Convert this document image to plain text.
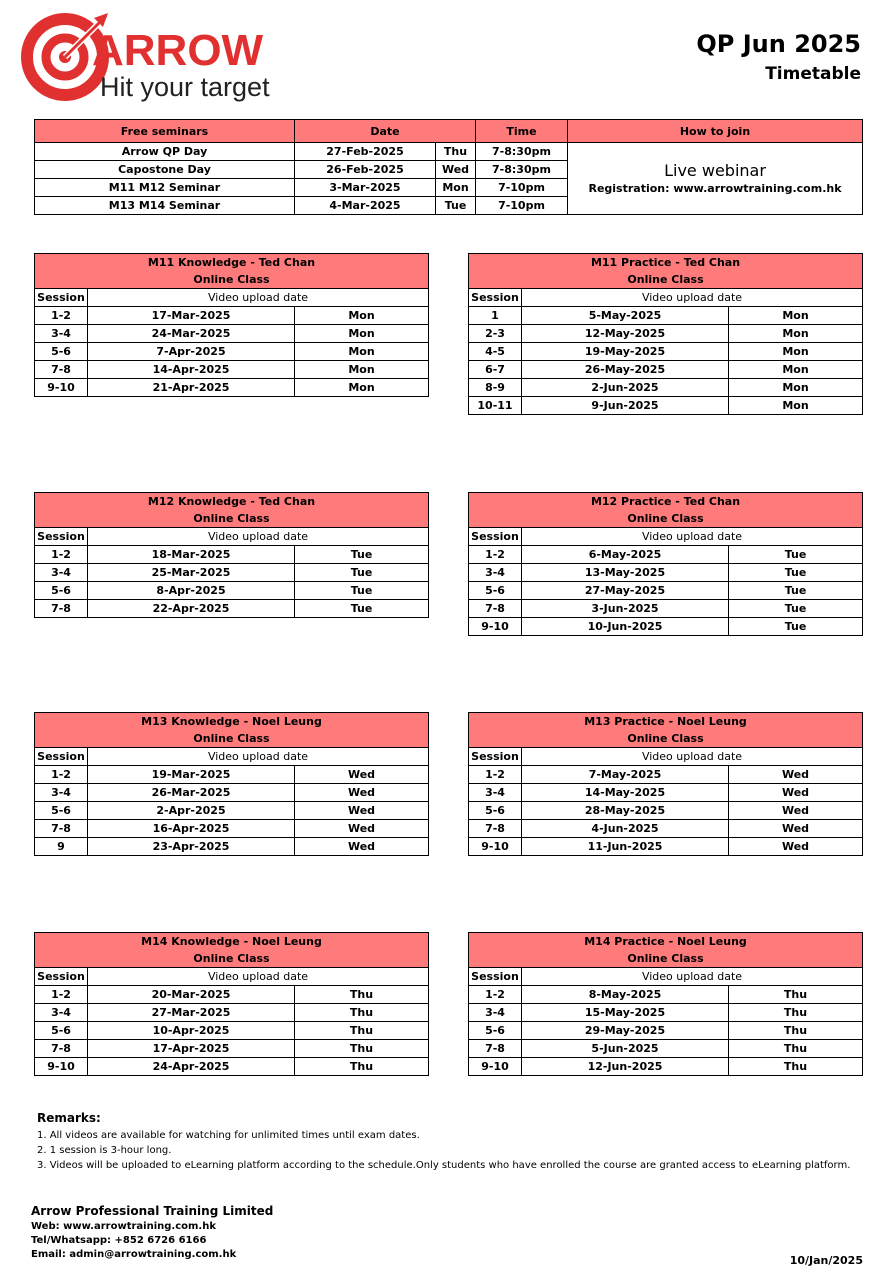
ARROW
Hit your target
QP Jun 2025
Timetable
Free seminars	Date		Time	How to join
Arrow QP Day	27-Feb-2025	Thu	7-8:30pm	Live webinar
Registration: www.arrowtraining.com.hk

Capostone Day	26-Feb-2025	Wed	7-8:30pm	
M11 M12 Seminar	3-Mar-2025	Mon	7-10pm	
M13 M14 Seminar	4-Mar-2025	Tue	7-10pm	
M11 Knowledge - Ted Chan
Online Class		
Session	Video upload date	
1-2	17-Mar-2025	Mon
3-4	24-Mar-2025	Mon
5-6	7-Apr-2025	Mon
7-8	14-Apr-2025	Mon
9-10	21-Apr-2025	Mon
M11 Practice - Ted Chan
Online Class		
Session	Video upload date	
1	5-May-2025	Mon
2-3	12-May-2025	Mon
4-5	19-May-2025	Mon
6-7	26-May-2025	Mon
8-9	2-Jun-2025	Mon
10-11	9-Jun-2025	Mon
M12 Knowledge - Ted Chan
Online Class		
Session	Video upload date	
1-2	18-Mar-2025	Tue
3-4	25-Mar-2025	Tue
5-6	8-Apr-2025	Tue
7-8	22-Apr-2025	Tue
M12 Practice - Ted Chan
Online Class		
Session	Video upload date	
1-2	6-May-2025	Tue
3-4	13-May-2025	Tue
5-6	27-May-2025	Tue
7-8	3-Jun-2025	Tue
9-10	10-Jun-2025	Tue
M13 Knowledge - Noel Leung
Online Class		
Session	Video upload date	
1-2	19-Mar-2025	Wed
3-4	26-Mar-2025	Wed
5-6	2-Apr-2025	Wed
7-8	16-Apr-2025	Wed
9	23-Apr-2025	Wed
M13 Practice - Noel Leung
Online Class		
Session	Video upload date	
1-2	7-May-2025	Wed
3-4	14-May-2025	Wed
5-6	28-May-2025	Wed
7-8	4-Jun-2025	Wed
9-10	11-Jun-2025	Wed
M14 Knowledge - Noel Leung
Online Class		
Session	Video upload date	
1-2	20-Mar-2025	Thu
3-4	27-Mar-2025	Thu
5-6	10-Apr-2025	Thu
7-8	17-Apr-2025	Thu
9-10	24-Apr-2025	Thu
M14 Practice - Noel Leung
Online Class		
Session	Video upload date	
1-2	8-May-2025	Thu
3-4	15-May-2025	Thu
5-6	29-May-2025	Thu
7-8	5-Jun-2025	Thu
9-10	12-Jun-2025	Thu
Remarks:
1. All videos are available for watching for unlimited times until exam dates.
2. 1 session is 3-hour long.
3. Videos will be uploaded to eLearning platform according to the schedule.Only students who have enrolled the course are granted access to eLearning platform.
Arrow Professional Training Limited
Web: www.arrowtraining.com.hk
Tel/Whatsapp: +852 6726 6166
Email: admin@arrowtraining.com.hk	10/Jan/2025
